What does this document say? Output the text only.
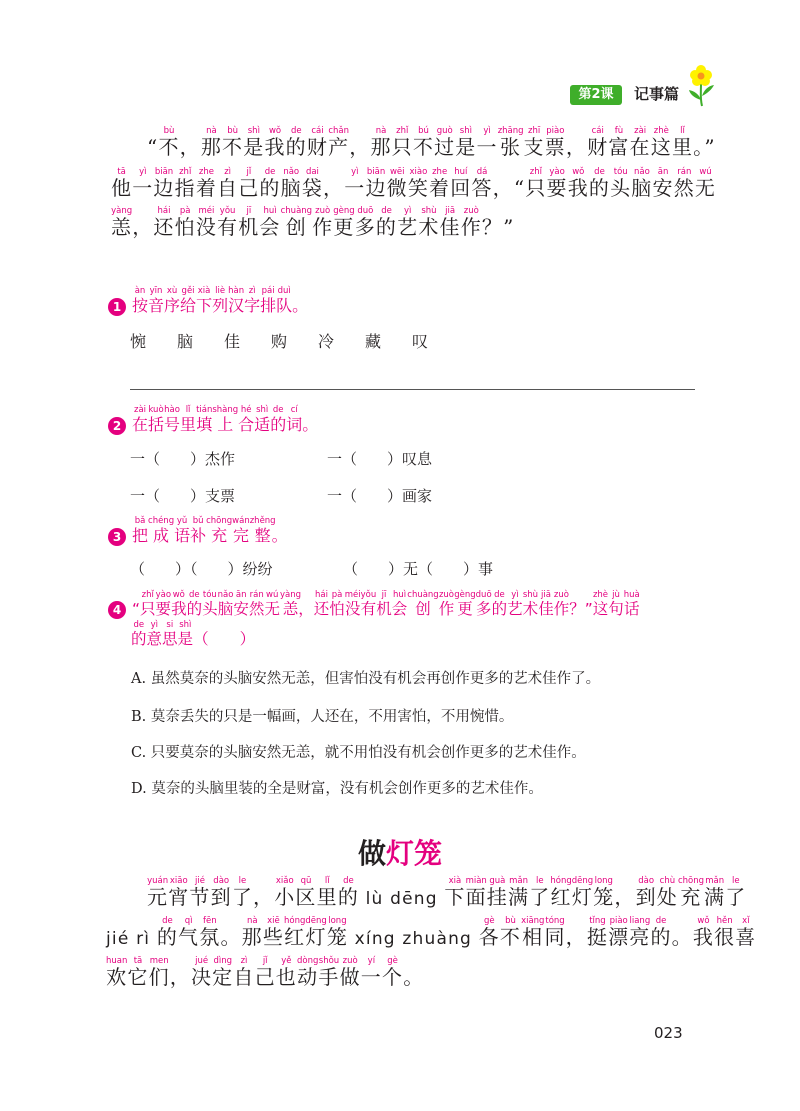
第2课	记事篇
“不bù，那nà不bù是shì我wǒ的de财cái产chǎn，那nà只zhǐ不bú过guò是shì一yì张zhāng支zhī票piào，财cái富fù在zài这zhè里lǐ。”
他tā一yì边biān指zhǐ着zhe自zì己jǐ的de脑nǎo袋dai，一yì边biān微wēi笑xiào着zhe回huí答dá，“只zhǐ要yào我wǒ的de头tóu脑nǎo安ān然rán无wú
恙yàng，还hái怕pà没méi有yǒu机jī会huì创chuàng作zuò更gèng多duō的de艺yì术shù佳jiā作zuò？”
1 按àn音yīn序xù给gěi下xià列liè汉hàn字zì排pái队duì。
惋 脑 佳 购 冷 藏 叹
2 在zài括kuò号hào里lǐ填tián上shàng合hé适shì的de词cí。
一（　　）杰作	一（　　）叹息
一（　　）支票	一（　　）画家
3 把bǎ成chéng语yǔ补bǔ充chōng完wán整zhěng。
（　　）（　　）纷纷	（　　）无（　　）事
4 “只zhǐ要yào我wǒ的de头tóu脑nǎo安ān然rán无wú恙yàng，还hái怕pà没méi有yǒu机jī会huì创chuàng作zuò更gèng多duō的de艺yì术shù佳jiā作zuò？”这zhè句jù话huà
的de意yì思si是shì（　　）
A. 虽然莫奈的头脑安然无恙，但害怕没有机会再创作更多的艺术佳作了。
B. 莫奈丢失的只是一幅画，人还在，不用害怕，不用惋惜。
C. 只要莫奈的头脑安然无恙，就不用怕没有机会创作更多的艺术佳作。
D. 莫奈的头脑里装的全是财富，没有机会创作更多的艺术佳作。
做灯笼
元yuán宵xiāo节jié到dào了le，小xiǎo区qū里lǐ的de lù dēng 下xià面miàn挂guà满mǎn了le红hóng灯dēng笼long，到dào处chù充chōng满mǎn了le
jié rì 的de气qì氛fēn。那nà些xiē红hóng灯dēng笼long xíng zhuàng 各gè不bù相xiāng同tóng，挺tǐng漂piào亮liang的de。我wǒ很hěn喜xǐ
欢huan它tā们men，决jué定dìng自zì己jǐ也yě动dòng手shǒu做zuò一yí个gè。
023
